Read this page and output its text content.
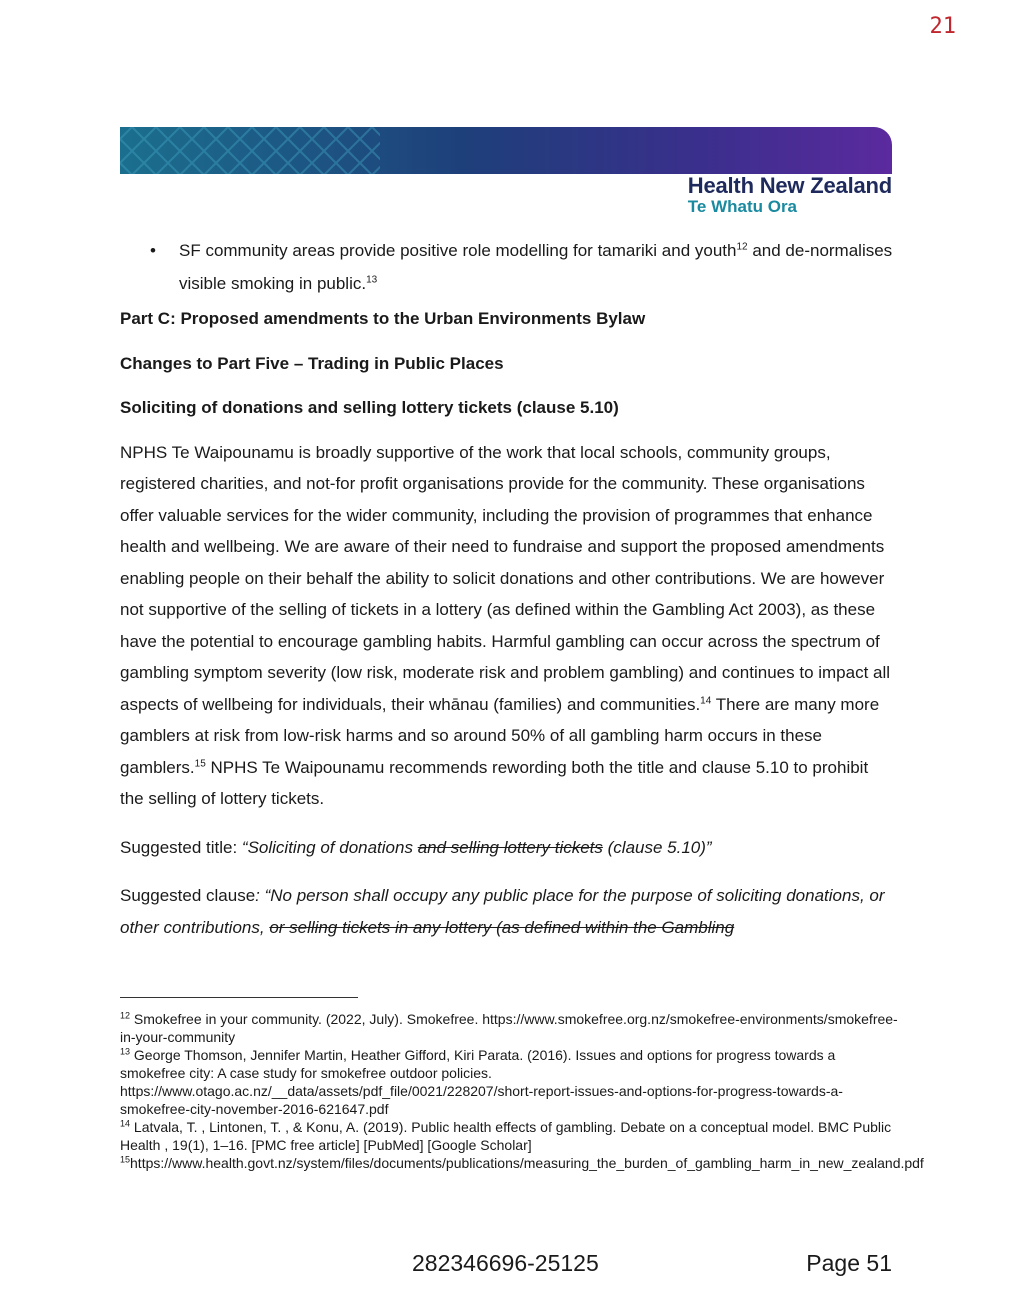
21
Health New Zealand
Te Whatu Ora
• SF community areas provide positive role modelling for tamariki and youth$^{12}$ and de-normalises visible smoking in public.$^{13}$

Part C: Proposed amendments to the Urban Environments Bylaw

Changes to Part Five – Trading in Public Places

Soliciting of donations and selling lottery tickets (clause 5.10)

NPHS Te Waipounamu is broadly supportive of the work that local schools, community groups, registered charities, and not-for profit organisations provide for the community. These organisations offer valuable services for the wider community, including the provision of programmes that enhance health and wellbeing. We are aware of their need to fundraise and support the proposed amendments enabling people on their behalf the ability to solicit donations and other contributions. We are however not supportive of the selling of tickets in a lottery (as defined within the Gambling Act 2003), as these have the potential to encourage gambling habits. Harmful gambling can occur across the spectrum of gambling symptom severity (low risk, moderate risk and problem gambling) and continues to impact all aspects of wellbeing for individuals, their whānau (families) and communities.$^{14}$ There are many more gamblers at risk from low-risk harms and so around 50% of all gambling harm occurs in these gamblers.$^{15}$ NPHS Te Waipounamu recommends rewording both the title and clause 5.10 to prohibit the selling of lottery tickets.

Suggested title: “Soliciting of donations and selling lottery tickets (clause 5.10)”

Suggested clause: “No person shall occupy any public place for the purpose of soliciting donations, or other contributions, or selling tickets in any lottery (as defined within the Gambling

$^{12}$ Smokefree in your community. (2022, July). Smokefree. https://www.smokefree.org.nz/smokefree-environments/smokefree-in-your-community
$^{13}$ George Thomson, Jennifer Martin, Heather Gifford, Kiri Parata. (2016). Issues and options for progress towards a smokefree city: A case study for smokefree outdoor policies. https://www.otago.ac.nz/__data/assets/pdf_file/0021/228207/short-report-issues-and-options-for-progress-towards-a-smokefree-city-november-2016-621647.pdf
$^{14}$ Latvala, T. , Lintonen, T. , & Konu, A. (2019). Public health effects of gambling. Debate on a conceptual model. BMC Public Health , 19(1), 1–16. [PMC free article] [PubMed] [Google Scholar]
$^{15}$https://www.health.govt.nz/system/files/documents/publications/measuring_the_burden_of_gambling_harm_in_new_zealand.pdf
282346696-25125	Page 51
